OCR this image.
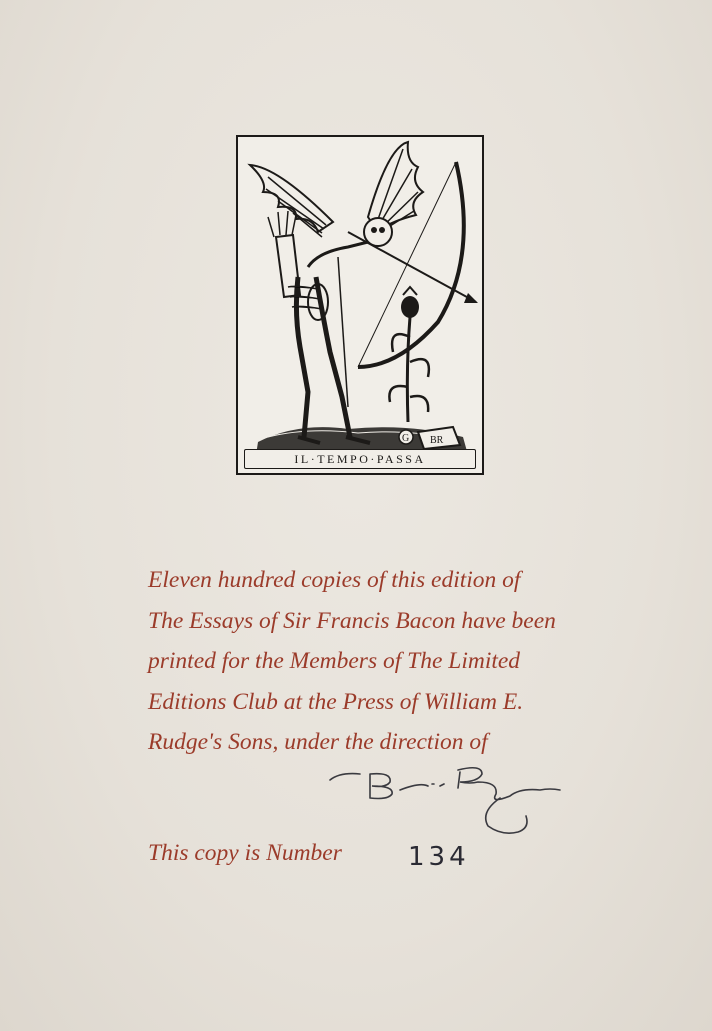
BR
G
IL·TEMPO·PASSA
Eleven hundred copies of this edition of
The Essays of Sir Francis Bacon have been
printed for the Members of The Limited
Editions Club at the Press of William E.
Rudge's Sons, under the direction of
This copy is Number	134
